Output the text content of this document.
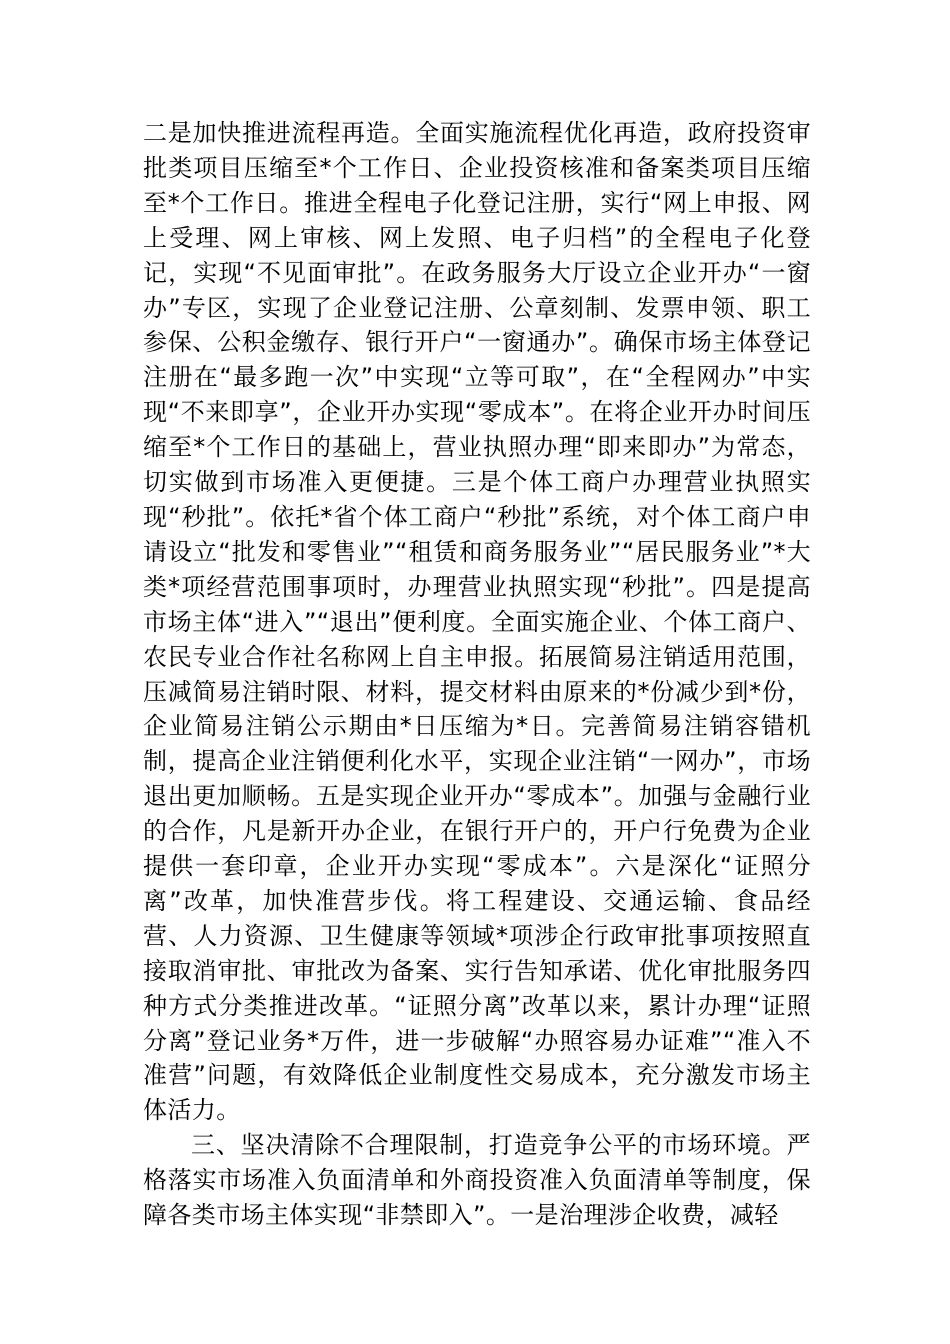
二是加快推进流程再造。全面实施流程优化再造，政府投资审批类项目压缩至*个工作日、企业投资核准和备案类项目压缩至*个工作日。推进全程电子化登记注册，实行“网上申报、网上受理、网上审核、网上发照、电子归档”的全程电子化登记，实现“不见面审批”。在政务服务大厅设立企业开办“一窗办”专区，实现了企业登记注册、公章刻制、发票申领、职工参保、公积金缴存、银行开户“一窗通办”。确保市场主体登记注册在“最多跑一次”中实现“立等可取”，在“全程网办”中实现“不来即享”，企业开办实现“零成本”。在将企业开办时间压缩至*个工作日的基础上，营业执照办理“即来即办”为常态，切实做到市场准入更便捷。三是个体工商户办理营业执照实现“秒批”。依托*省个体工商户“秒批”系统，对个体工商户申请设立“批发和零售业”“租赁和商务服务业”“居民服务业”*大类*项经营范围事项时，办理营业执照实现“秒批”。四是提高市场主体“进入”“退出”便利度。全面实施企业、个体工商户、农民专业合作社名称网上自主申报。拓展简易注销适用范围，压减简易注销时限、材料，提交材料由原来的*份减少到*份，企业简易注销公示期由*日压缩为*日。完善简易注销容错机制，提高企业注销便利化水平，实现企业注销“一网办”，市场退出更加顺畅。五是实现企业开办“零成本”。加强与金融行业的合作，凡是新开办企业，在银行开户的，开户行免费为企业提供一套印章，企业开办实现“零成本”。六是深化“证照分离”改革，加快准营步伐。将工程建设、交通运输、食品经营、人力资源、卫生健康等领域*项涉企行政审批事项按照直接取消审批、审批改为备案、实行告知承诺、优化审批服务四种方式分类推进改革。“证照分离”改革以来，累计办理“证照分离”登记业务*万件，进一步破解“办照容易办证难”“准入不准营”问题，有效降低企业制度性交易成本，充分激发市场主体活力。

三、坚决清除不合理限制，打造竞争公平的市场环境。严格落实市场准入负面清单和外商投资准入负面清单等制度，保障各类市场主体实现“非禁即入”。一是治理涉企收费，减轻
